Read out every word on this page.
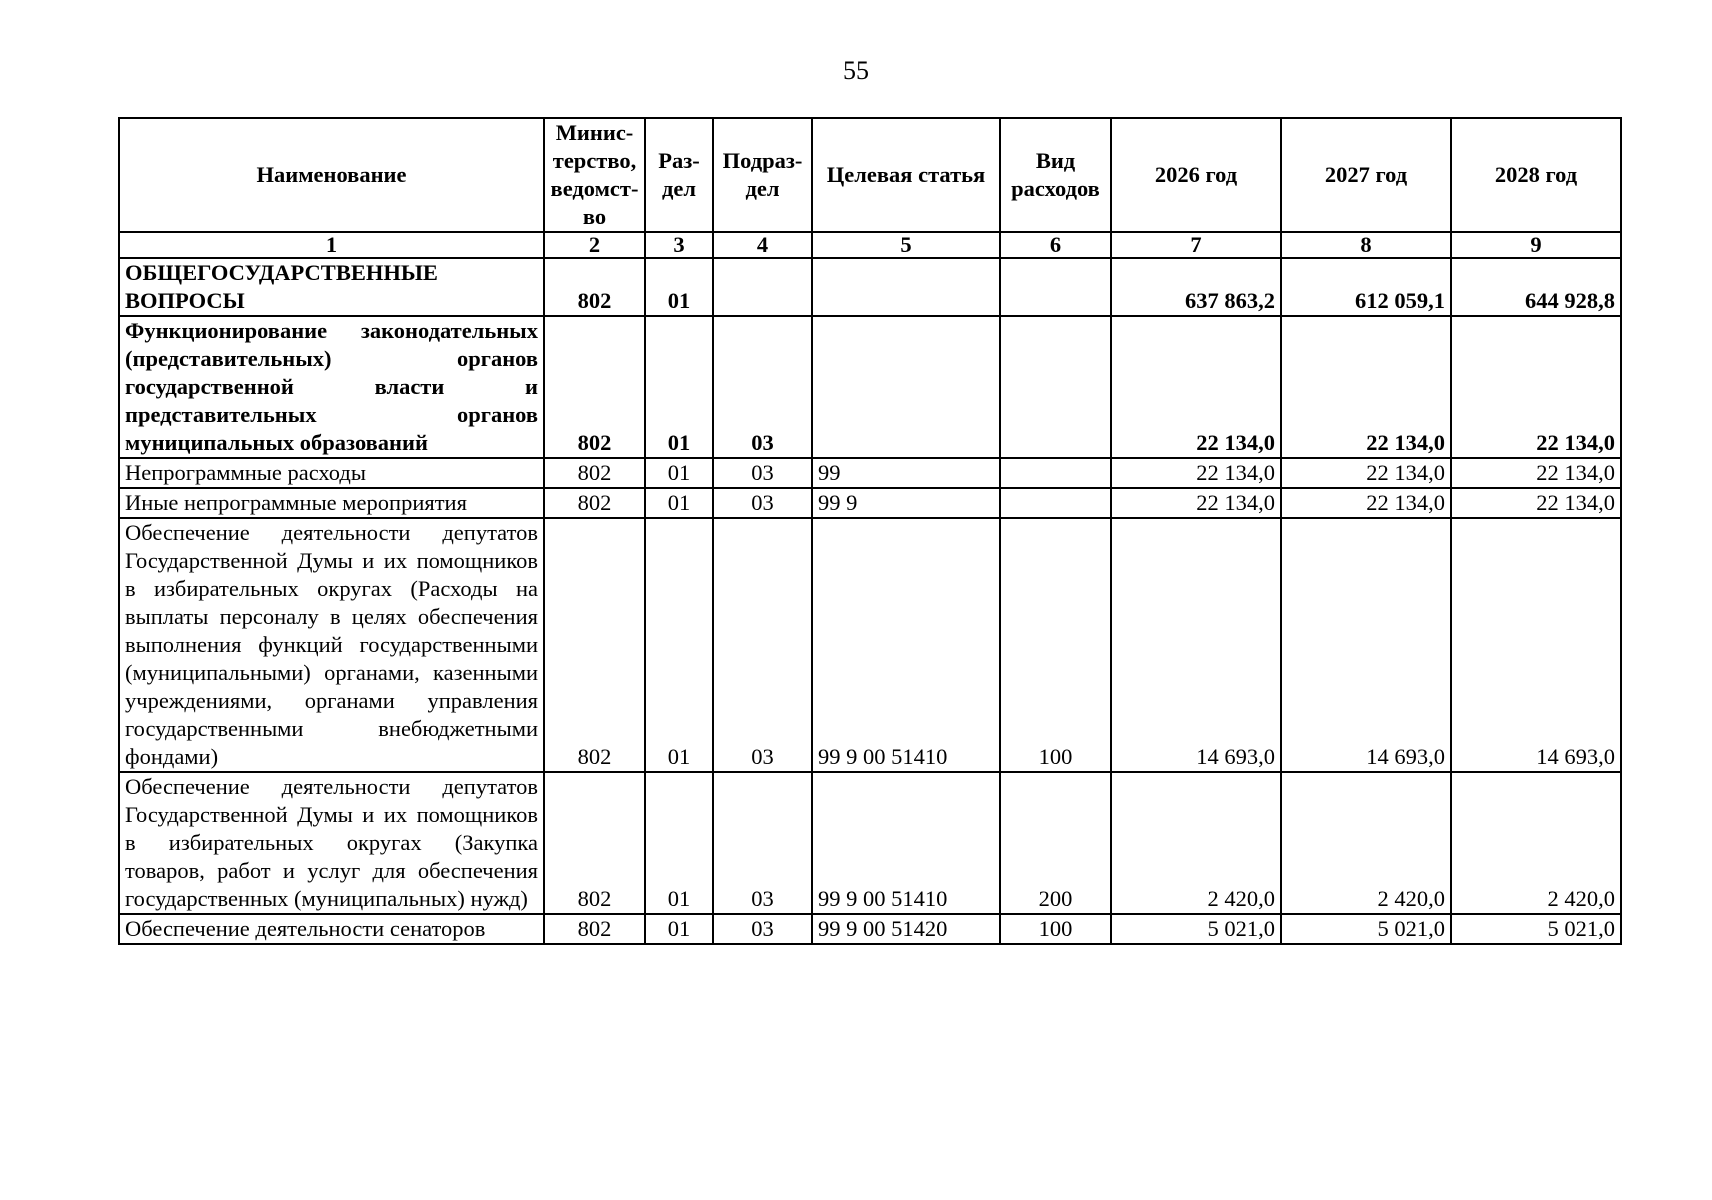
55
Наименование	Минис-терство, ведомст-во	Раз-дел	Подраз-дел	Целевая статья	Вид расходов	2026 год	2027 год	2028 год
1	2	3	4	5	6	7	8	9
ОБЩЕГОСУДАРСТВЕННЫЕ ВОПРОСЫ	802	01				637 863,2	612 059,1	644 928,8
Функционирование законодательных (представительных) органов государственной власти и представительных органов муниципальных образований	802	01	03			22 134,0	22 134,0	22 134,0
Непрограммные расходы	802	01	03	99		22 134,0	22 134,0	22 134,0
Иные непрограммные мероприятия	802	01	03	99 9		22 134,0	22 134,0	22 134,0
Обеспечение деятельности депутатов Государственной Думы и их помощников в избирательных округах (Расходы на выплаты персоналу в целях обеспечения выполнения функций государственными (муниципальными) органами, казенными учреждениями, органами управления государственными внебюджетными фондами)	802	01	03	99 9 00 51410	100	14 693,0	14 693,0	14 693,0
Обеспечение деятельности депутатов Государственной Думы и их помощников в избирательных округах (Закупка товаров, работ и услуг для обеспечения государственных (муниципальных) нужд)	802	01	03	99 9 00 51410	200	2 420,0	2 420,0	2 420,0
Обеспечение деятельности сенаторов	802	01	03	99 9 00 51420	100	5 021,0	5 021,0	5 021,0
